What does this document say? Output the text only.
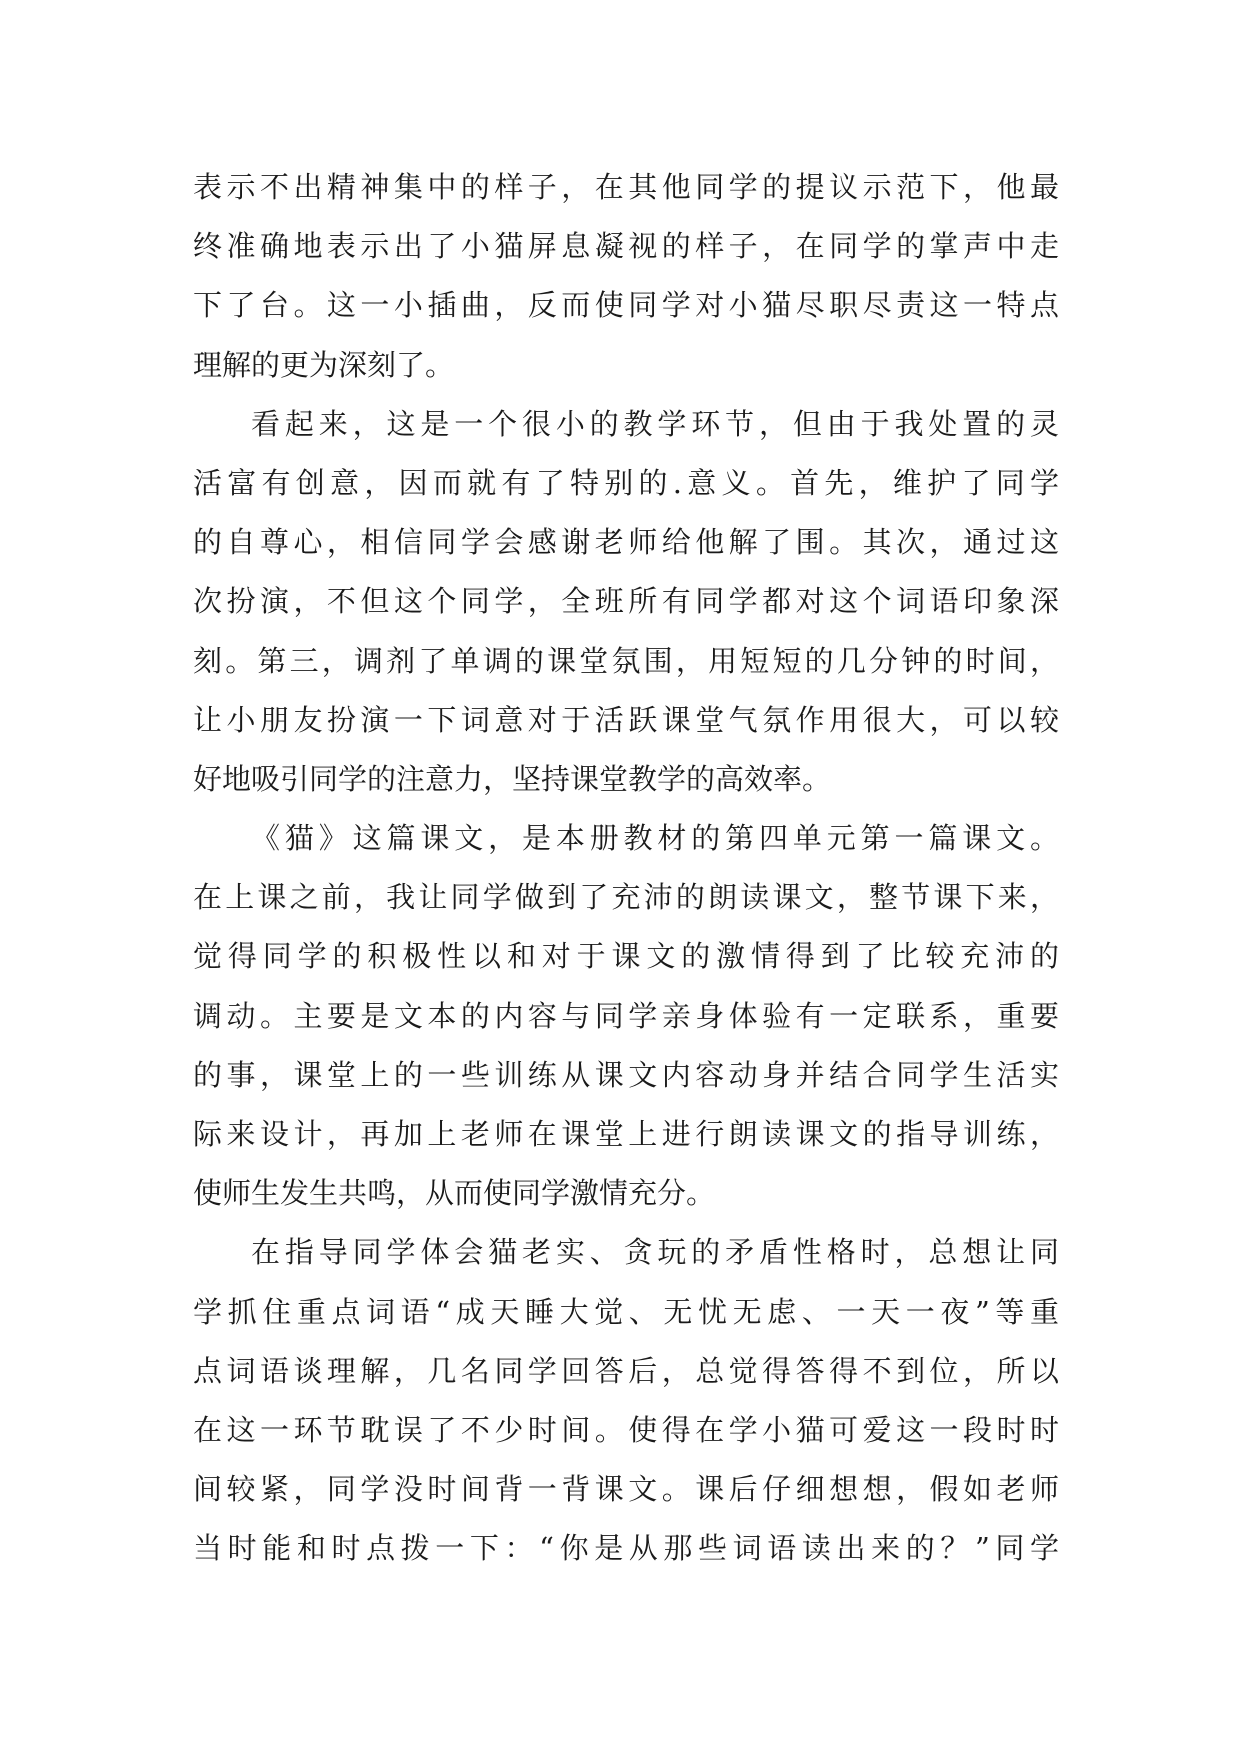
表示不出精神集中的样子，在其他同学的提议示范下，他最
终准确地表示出了小猫屏息凝视的样子，在同学的掌声中走
下了台。这一小插曲，反而使同学对小猫尽职尽责这一特点
理解的更为深刻了。
看起来，这是一个很小的教学环节，但由于我处置的灵
活富有创意，因而就有了特别的.意义。首先，维护了同学
的自尊心，相信同学会感谢老师给他解了围。其次，通过这
次扮演，不但这个同学，全班所有同学都对这个词语印象深
刻。第三，调剂了单调的课堂氛围，用短短的几分钟的时间，
让小朋友扮演一下词意对于活跃课堂气氛作用很大，可以较
好地吸引同学的注意力，坚持课堂教学的高效率。
《猫》这篇课文，是本册教材的第四单元第一篇课文。
在上课之前，我让同学做到了充沛的朗读课文，整节课下来，
觉得同学的积极性以和对于课文的激情得到了比较充沛的
调动。主要是文本的内容与同学亲身体验有一定联系，重要
的事，课堂上的一些训练从课文内容动身并结合同学生活实
际来设计，再加上老师在课堂上进行朗读课文的指导训练，
使师生发生共鸣，从而使同学激情充分。
在指导同学体会猫老实、贪玩的矛盾性格时，总想让同
学抓住重点词语“成天睡大觉、无忧无虑、一天一夜”等重
点词语谈理解，几名同学回答后，总觉得答得不到位，所以
在这一环节耽误了不少时间。使得在学小猫可爱这一段时时
间较紧，同学没时间背一背课文。课后仔细想想，假如老师
当时能和时点拨一下：“你是从那些词语读出来的？”同学
